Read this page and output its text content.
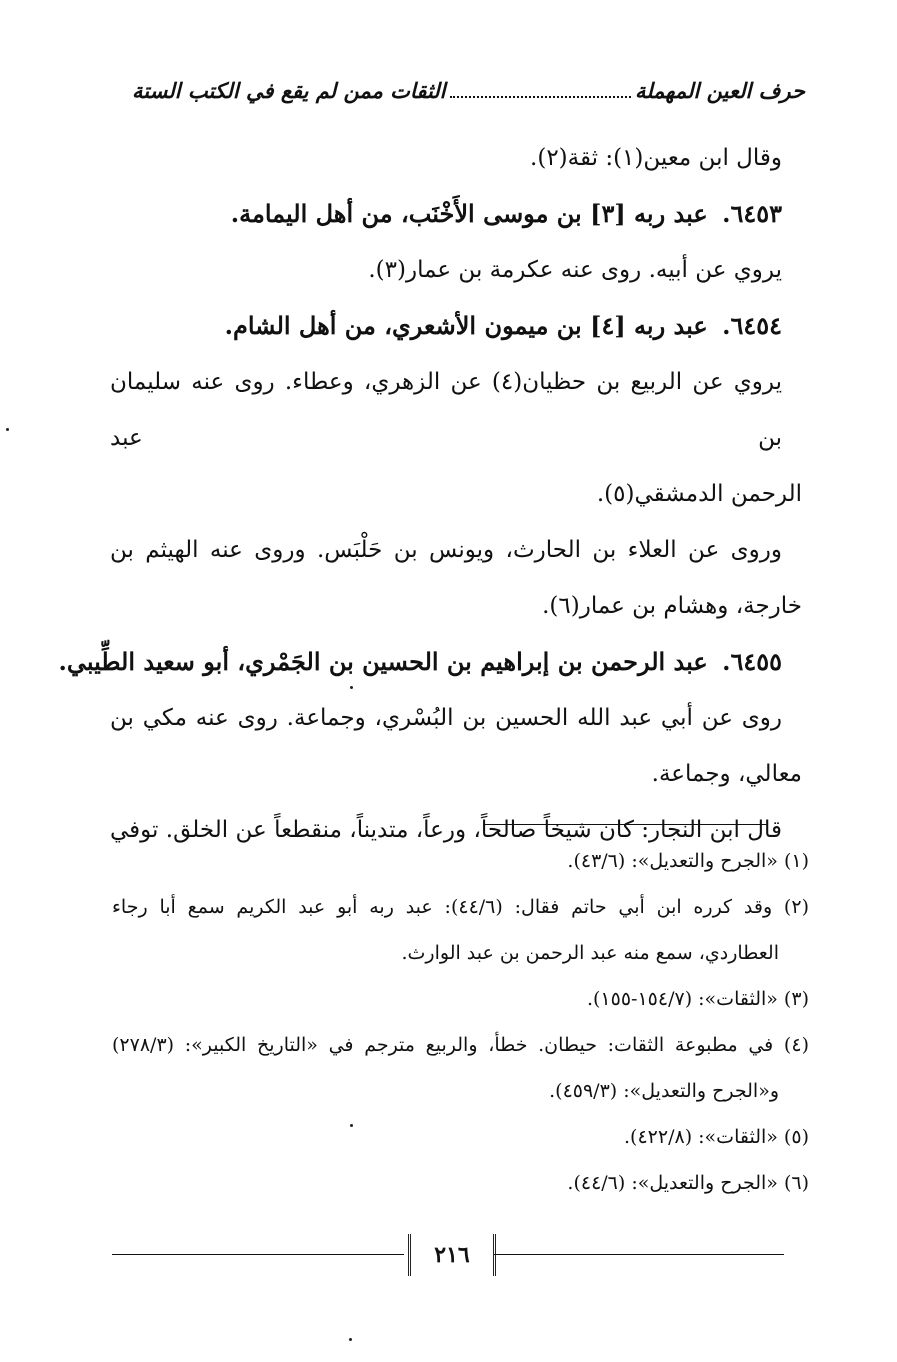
حرف العين المهملة
الثقات ممن لم يقع في الكتب الستة
وقال ابن معين(١): ثقة(٢).
٦٤٥٣. عبد ربه [٣] بن موسى الأَخْنَب، من أهل اليمامة.
يروي عن أبيه. روى عنه عكرمة بن عمار(٣).
٦٤٥٤. عبد ربه [٤] بن ميمون الأشعري، من أهل الشام.
يروي عن الربيع بن حظيان(٤) عن الزهري، وعطاء. روى عنه سليمان بن عبد
الرحمن الدمشقي(٥).
وروى عن العلاء بن الحارث، ويونس بن حَلْبَس. وروى عنه الهيثم بن
خارجة، وهشام بن عمار(٦).
٦٤٥٥. عبد الرحمن بن إبراهيم بن الحسين بن الجَمْري، أبو سعيد الطِّيبي.
روى عن أبي عبد الله الحسين بن البُسْري، وجماعة. روى عنه مكي بن
معالي، وجماعة.
قال ابن النجار: كان شيخاً صالحاً، ورعاً، متديناً، منقطعاً عن الخلق. توفي
(١) «الجرح والتعديل»: (٤٣/٦).
(٢) وقد كرره ابن أبي حاتم فقال: (٤٤/٦): عبد ربه أبو عبد الكريم سمع أبا رجاء
العطاردي، سمع منه عبد الرحمن بن عبد الوارث.
(٣) «الثقات»: (١٥٤/٧-١٥٥).
(٤) في مطبوعة الثقات: حيطان. خطأ، والربيع مترجم في «التاريخ الكبير»: (٢٧٨/٣)
و«الجرح والتعديل»: (٤٥٩/٣).
(٥) «الثقات»: (٤٢٢/٨).
(٦) «الجرح والتعديل»: (٤٤/٦).
٢١٦
